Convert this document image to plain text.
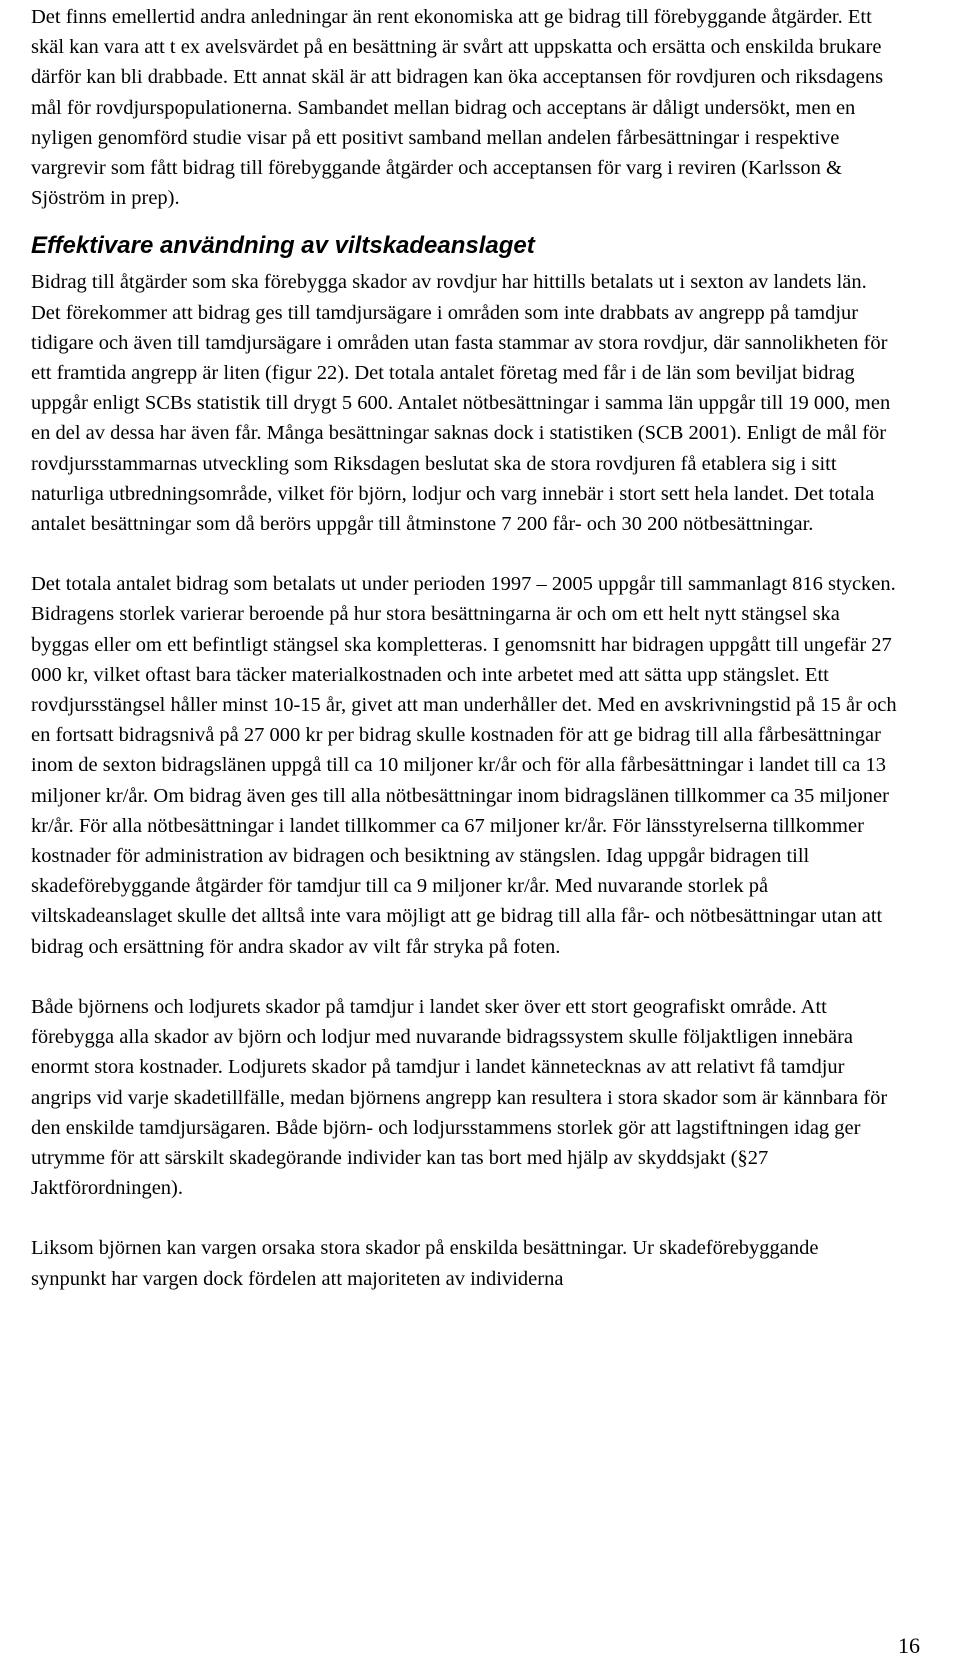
Det finns emellertid andra anledningar än rent ekonomiska att ge bidrag till förebyggande åtgärder. Ett skäl kan vara att t ex avelsvärdet på en besättning är svårt att uppskatta och ersätta och enskilda brukare därför kan bli drabbade. Ett annat skäl är att bidragen kan öka acceptansen för rovdjuren och riksdagens mål för rovdjurspopulationerna. Sambandet mellan bidrag och acceptans är dåligt undersökt, men en nyligen genomförd studie visar på ett positivt samband mellan andelen fårbesättningar i respektive vargrevir som fått bidrag till förebyggande åtgärder och acceptansen för varg i reviren (Karlsson & Sjöström in prep).

Effektivare användning av viltskadeanslaget

Bidrag till åtgärder som ska förebygga skador av rovdjur har hittills betalats ut i sexton av landets län. Det förekommer att bidrag ges till tamdjursägare i områden som inte drabbats av angrepp på tamdjur tidigare och även till tamdjursägare i områden utan fasta stammar av stora rovdjur, där sannolikheten för ett framtida angrepp är liten (figur 22). Det totala antalet företag med får i de län som beviljat bidrag uppgår enligt SCBs statistik till drygt 5 600. Antalet nötbesättningar i samma län uppgår till 19 000, men en del av dessa har även får. Många besättningar saknas dock i statistiken (SCB 2001). Enligt de mål för rovdjursstammarnas utveckling som Riksdagen beslutat ska de stora rovdjuren få etablera sig i sitt naturliga utbredningsområde, vilket för björn, lodjur och varg innebär i stort sett hela landet. Det totala antalet besättningar som då berörs uppgår till åtminstone 7 200 får- och 30 200 nötbesättningar.

Det totala antalet bidrag som betalats ut under perioden 1997 – 2005 uppgår till sammanlagt 816 stycken. Bidragens storlek varierar beroende på hur stora besättningarna är och om ett helt nytt stängsel ska byggas eller om ett befintligt stängsel ska kompletteras. I genomsnitt har bidragen uppgått till ungefär 27 000 kr, vilket oftast bara täcker materialkostnaden och inte arbetet med att sätta upp stängslet. Ett rovdjursstängsel håller minst 10-15 år, givet att man underhåller det. Med en avskrivningstid på 15 år och en fortsatt bidragsnivå på 27 000 kr per bidrag skulle kostnaden för att ge bidrag till alla fårbesättningar inom de sexton bidragslänen uppgå till ca 10 miljoner kr/år och för alla fårbesättningar i landet till ca 13 miljoner kr/år. Om bidrag även ges till alla nötbesättningar inom bidragslänen tillkommer ca 35 miljoner kr/år. För alla nötbesättningar i landet tillkommer ca 67 miljoner kr/år. För länsstyrelserna tillkommer kostnader för administration av bidragen och besiktning av stängslen. Idag uppgår bidragen till skadeförebyggande åtgärder för tamdjur till ca 9 miljoner kr/år. Med nuvarande storlek på viltskadeanslaget skulle det alltså inte vara möjligt att ge bidrag till alla får- och nötbesättningar utan att bidrag och ersättning för andra skador av vilt får stryka på foten.

Både björnens och lodjurets skador på tamdjur i landet sker över ett stort geografiskt område. Att förebygga alla skador av björn och lodjur med nuvarande bidragssystem skulle följaktligen innebära enormt stora kostnader. Lodjurets skador på tamdjur i landet kännetecknas av att relativt få tamdjur angrips vid varje skadetillfälle, medan björnens angrepp kan resultera i stora skador som är kännbara för den enskilde tamdjursägaren. Både björn- och lodjursstammens storlek gör att lagstiftningen idag ger utrymme för att särskilt skadegörande individer kan tas bort med hjälp av skyddsjakt (§27 Jaktförordningen).

Liksom björnen kan vargen orsaka stora skador på enskilda besättningar. Ur skadeförebyggande synpunkt har vargen dock fördelen att majoriteten av individerna

16
